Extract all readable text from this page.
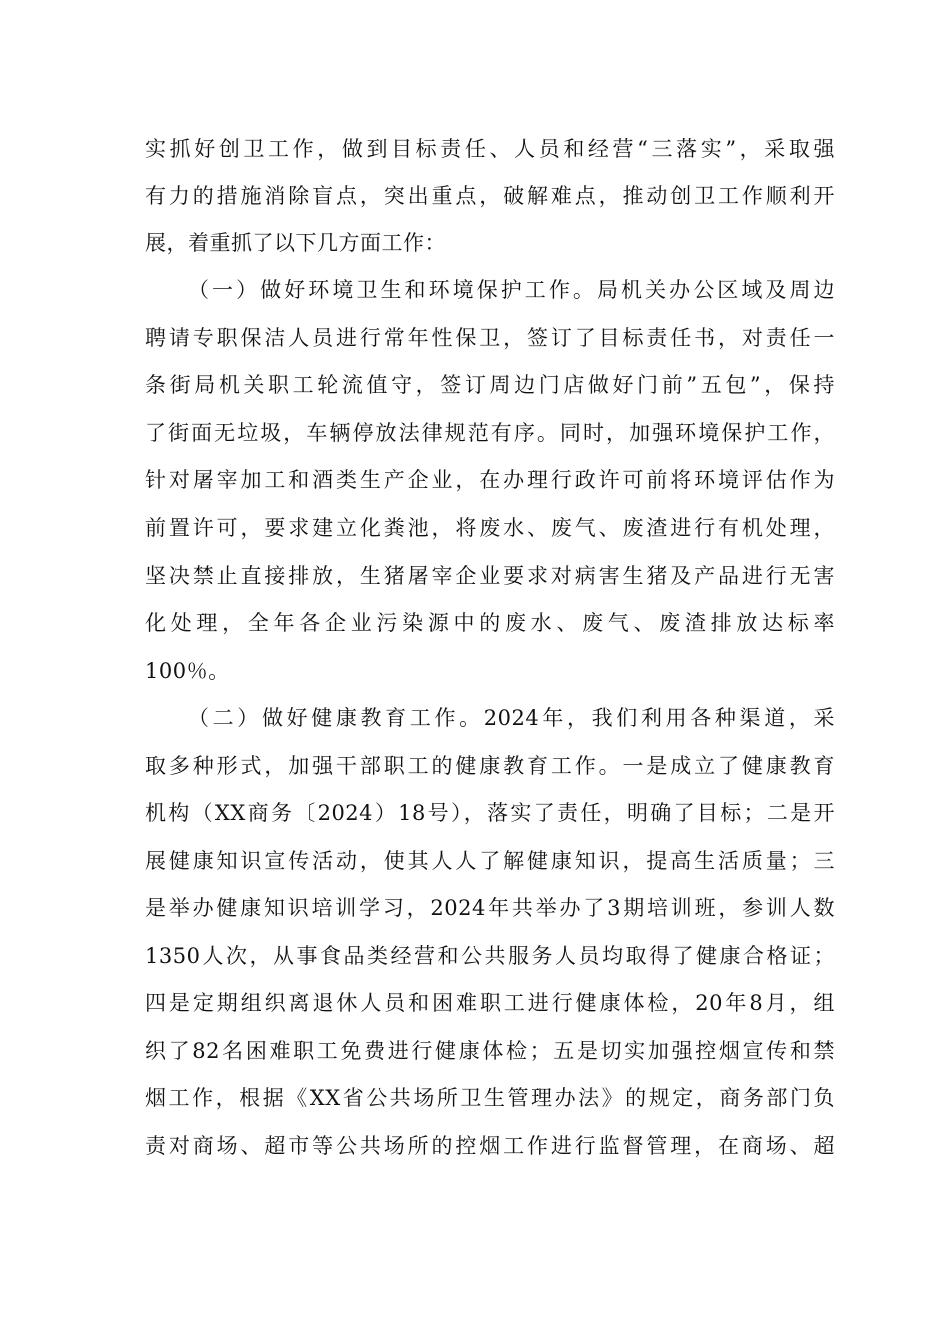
实抓好创卫工作，做到目标责任、人员和经营“三落实”，采取强
有力的措施消除盲点，突出重点，破解难点，推动创卫工作顺利开
展，着重抓了以下几方面工作：
（一）做好环境卫生和环境保护工作。局机关办公区域及周边
聘请专职保洁人员进行常年性保卫，签订了目标责任书，对责任一
条街局机关职工轮流值守，签订周边门店做好门前”五包”，保持
了街面无垃圾，车辆停放法律规范有序。同时，加强环境保护工作，
针对屠宰加工和酒类生产企业，在办理行政许可前将环境评估作为
前置许可，要求建立化粪池，将废水、废气、废渣进行有机处理，
坚决禁止直接排放，生猪屠宰企业要求对病害生猪及产品进行无害
化处理，全年各企业污染源中的废水、废气、废渣排放达标率
100％。
（二）做好健康教育工作。2024年，我们利用各种渠道，采
取多种形式，加强干部职工的健康教育工作。一是成立了健康教育
机构（XX商务〔2024）18号），落实了责任，明确了目标；二是开
展健康知识宣传活动，使其人人了解健康知识，提高生活质量；三
是举办健康知识培训学习，2024年共举办了3期培训班，参训人数
1350人次，从事食品类经营和公共服务人员均取得了健康合格证；
四是定期组织离退休人员和困难职工进行健康体检，20年8月，组
织了82名困难职工免费进行健康体检；五是切实加强控烟宣传和禁
烟工作，根据《XX省公共场所卫生管理办法》的规定，商务部门负
责对商场、超市等公共场所的控烟工作进行监督管理，在商场、超
